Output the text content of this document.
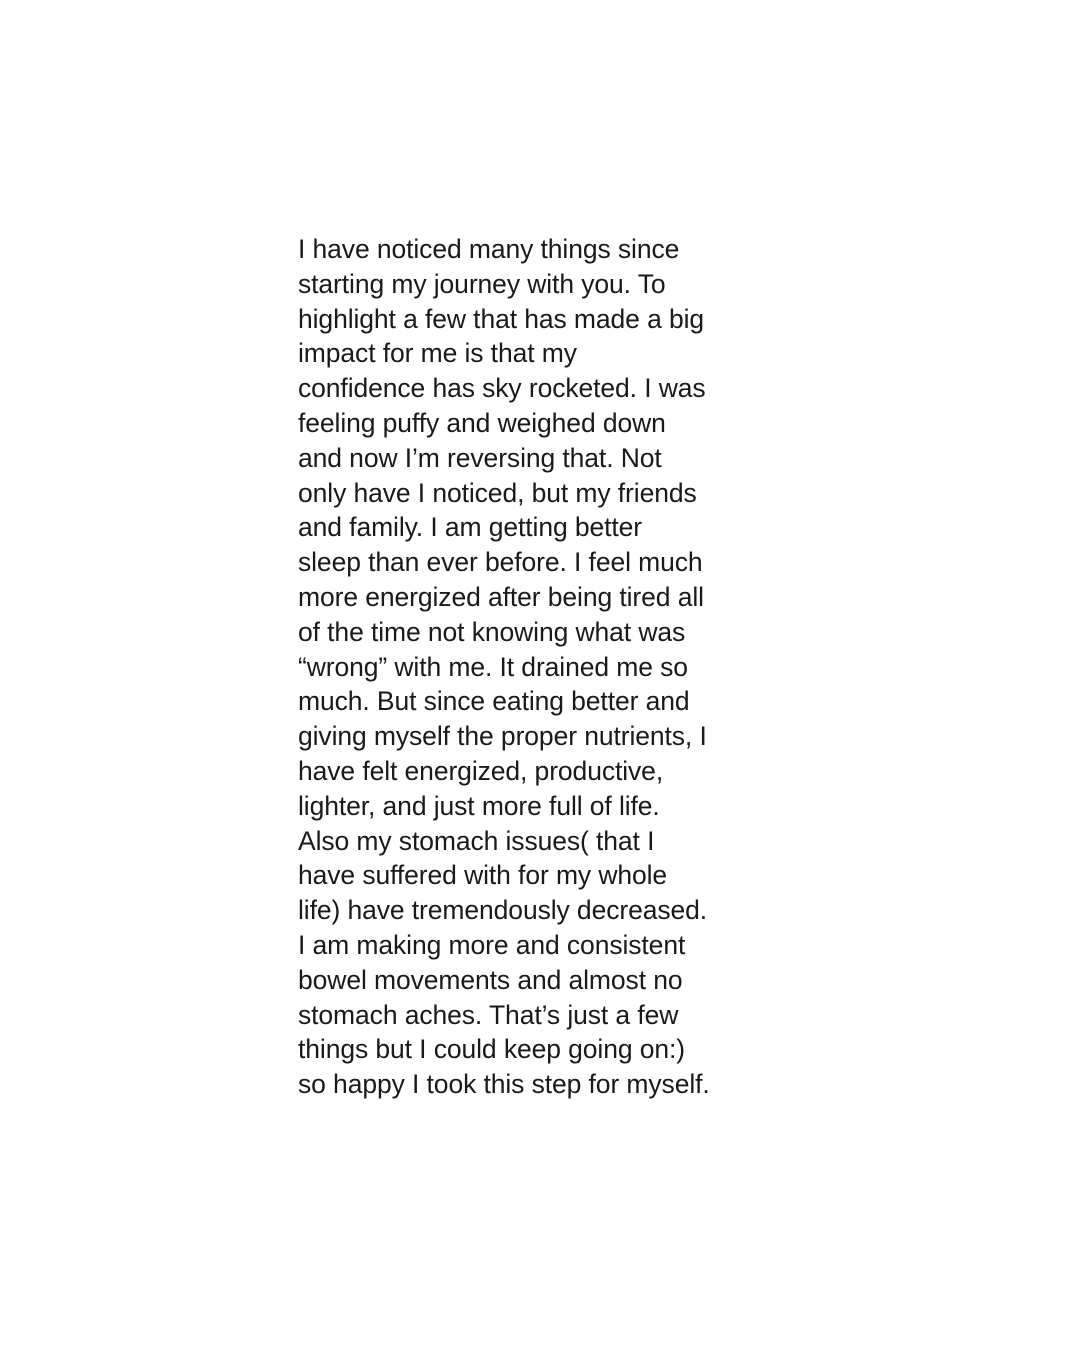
I have noticed many things since
starting my journey with you. To
highlight a few that has made a big
impact for me is that my
confidence has sky rocketed. I was
feeling puffy and weighed down
and now I’m reversing that. Not
only have I noticed, but my friends
and family. I am getting better
sleep than ever before. I feel much
more energized after being tired all
of the time not knowing what was
“wrong” with me. It drained me so
much. But since eating better and
giving myself the proper nutrients, I
have felt energized, productive,
lighter, and just more full of life.
Also my stomach issues( that I
have suffered with for my whole
life) have tremendously decreased.
I am making more and consistent
bowel movements and almost no
stomach aches. That’s just a few
things but I could keep going on:)
so happy I took this step for myself.
